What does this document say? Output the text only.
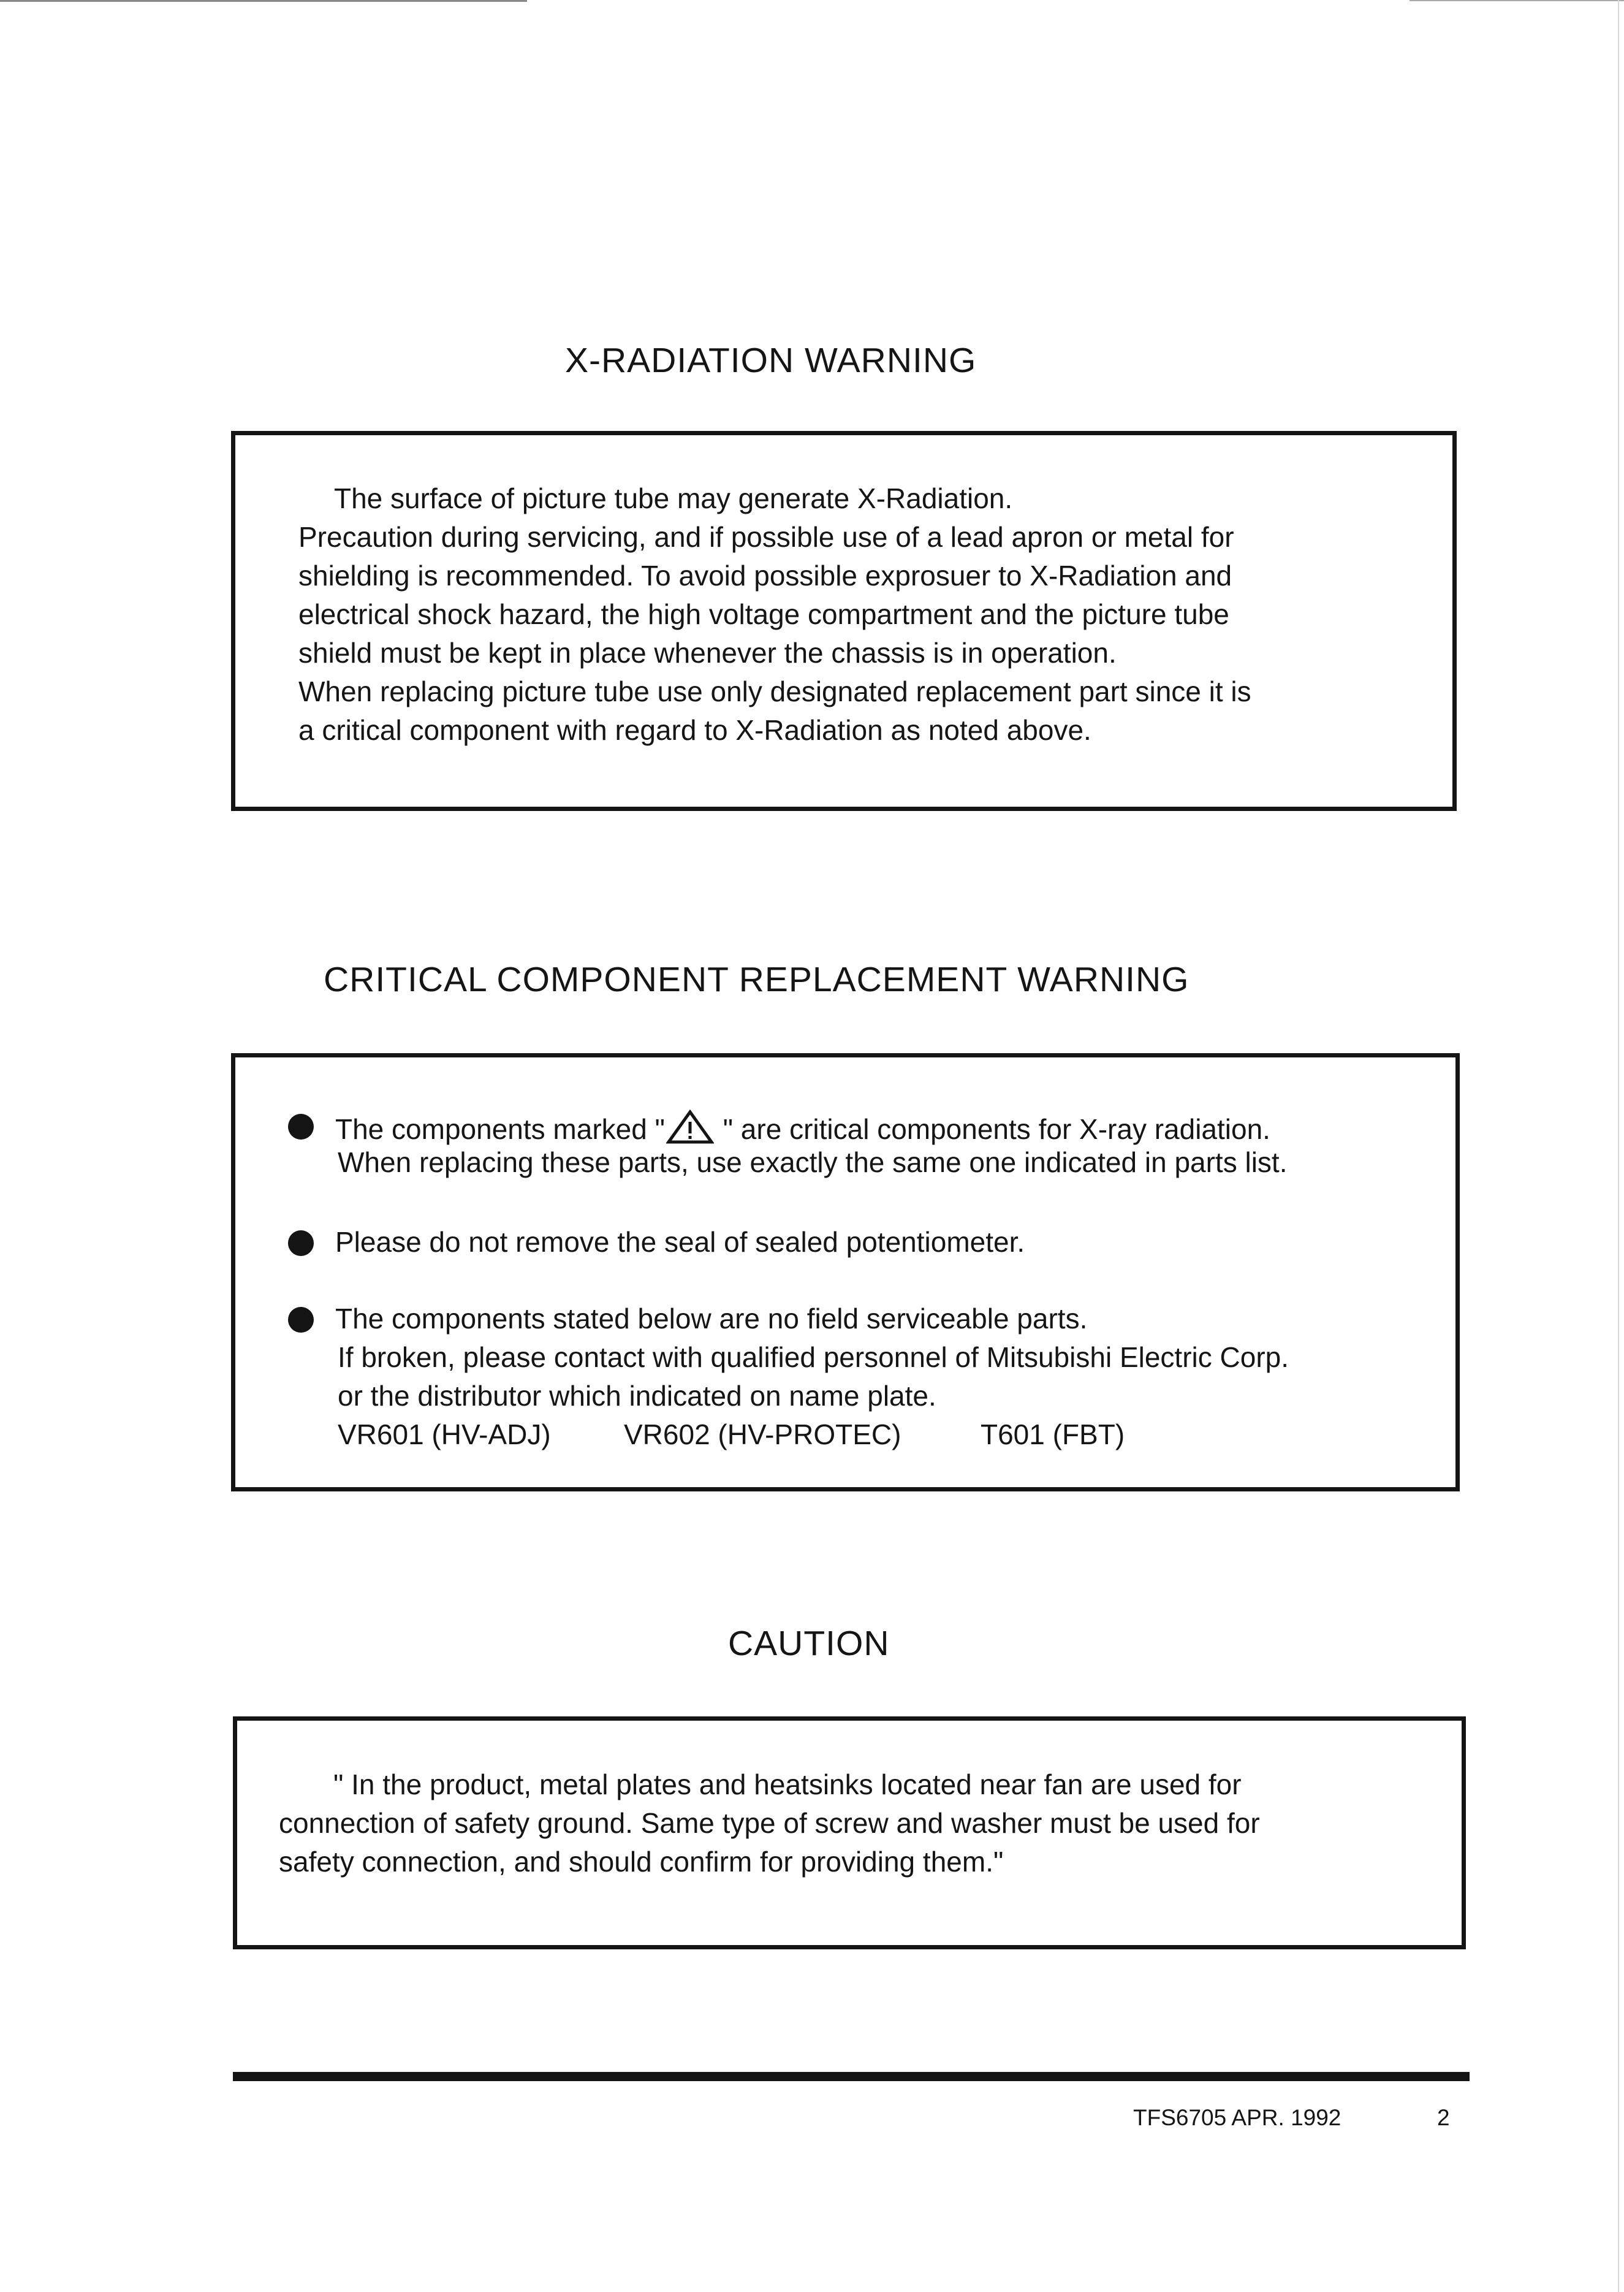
X-RADIATION WARNING
The surface of picture tube may generate X-Radiation.
Precaution during servicing, and if possible use of a lead apron or metal for
shielding is recommended. To avoid possible exprosuer to X-Radiation and
electrical shock hazard, the high voltage compartment and the picture tube
shield must be kept in place whenever the chassis is in operation.
When replacing picture tube use only designated replacement part since it is
a critical component with regard to X-Radiation as noted above.
CRITICAL COMPONENT REPLACEMENT WARNING
The components marked " " are critical components for X-ray radiation.
When replacing these parts, use exactly the same one indicated in parts list.
Please do not remove the seal of sealed potentiometer.
The components stated below are no field serviceable parts.
If broken, please contact with qualified personnel of Mitsubishi Electric Corp.
or the distributor which indicated on name plate.
VR601 (HV-ADJ)	VR602 (HV-PROTEC)	T601 (FBT)
CAUTION
" In the product, metal plates and heatsinks located near fan are used for
connection of safety ground. Same type of screw and washer must be used for
safety connection, and should confirm for providing them."
TFS6705 APR. 1992	2
